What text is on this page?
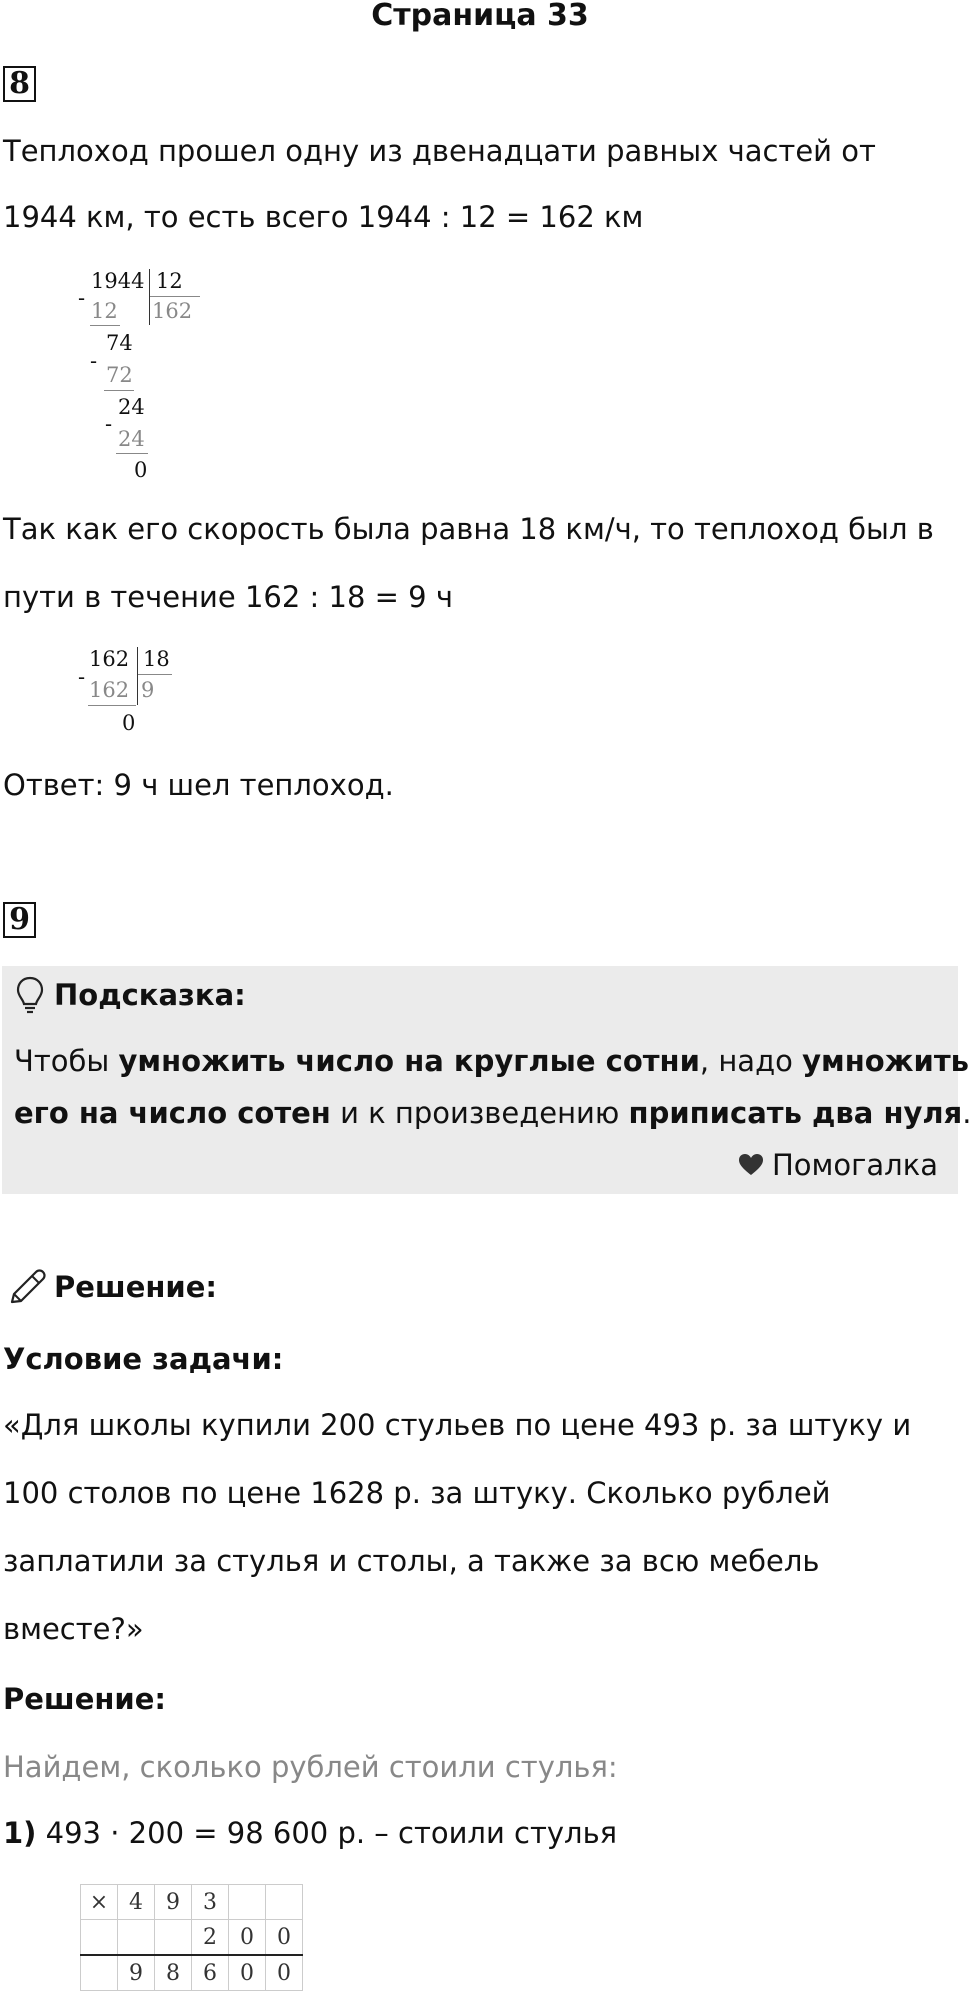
Страница 33
8
Теплоход прошел одну из двенадцати равных частей от
1944 км, то есть всего 1944 : 12 = 162 км
1944 12
-
12 162
74
-
72
24
-
24
0
Так как его скорость была равна 18 км/ч, то теплоход был в
пути в течение 162 : 18 = 9 ч
162 18
-
162 9
0
Ответ: 9 ч шел теплоход.
9
Подсказка:
Чтобы умножить число на круглые сотни, надо умножить
его на число сотен и к произведению приписать два нуля.
Помогалка
Решение:
Условие задачи:
«Для школы купили 200 стульев по цене 493 р. за штуку и
100 столов по цене 1628 р. за штуку. Сколько рублей
заплатили за стулья и столы, а также за всю мебель
вместе?»
Решение:
Найдем, сколько рублей стоили стулья:
1) 493 · 200 = 98 600 р. – стоили стулья
×	4	9	3		
			2	0	0
	9	8	6	0	0
